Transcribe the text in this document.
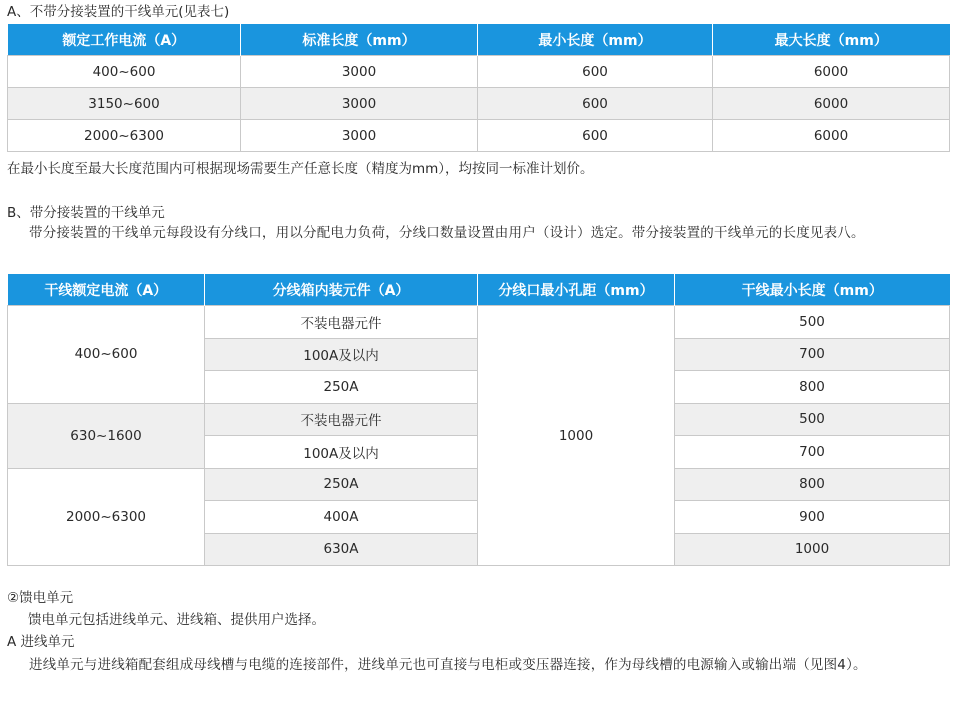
A、不带分接装置的干线单元(见表七)
额定工作电流（A）	标准长度（mm）	最小长度（mm）	最大长度（mm）
400~600	3000	600	6000
3150~600	3000	600	6000
2000~6300	3000	600	6000
在最小长度至最大长度范围内可根据现场需要生产任意长度（精度为mm），均按同一标准计划价。
B、带分接装置的干线单元
带分接装置的干线单元每段设有分线口，用以分配电力负荷，分线口数量设置由用户（设计）选定。带分接装置的干线单元的长度见表八。
干线额定电流（A）	分线箱内装元件（A）	分线口最小孔距（mm）	干线最小长度（mm）
400~600	不装电器元件	1000	500
	100A及以内		700
	250A		800
630~1600	不装电器元件		500
	100A及以内		700
2000~6300	250A		800
	400A		900
	630A		1000
②馈电单元
馈电单元包括进线单元、进线箱、提供用户选择。
A 进线单元
进线单元与进线箱配套组成母线槽与电缆的连接部件，进线单元也可直接与电柜或变压器连接，作为母线槽的电源输入或输出端（见图4）。
